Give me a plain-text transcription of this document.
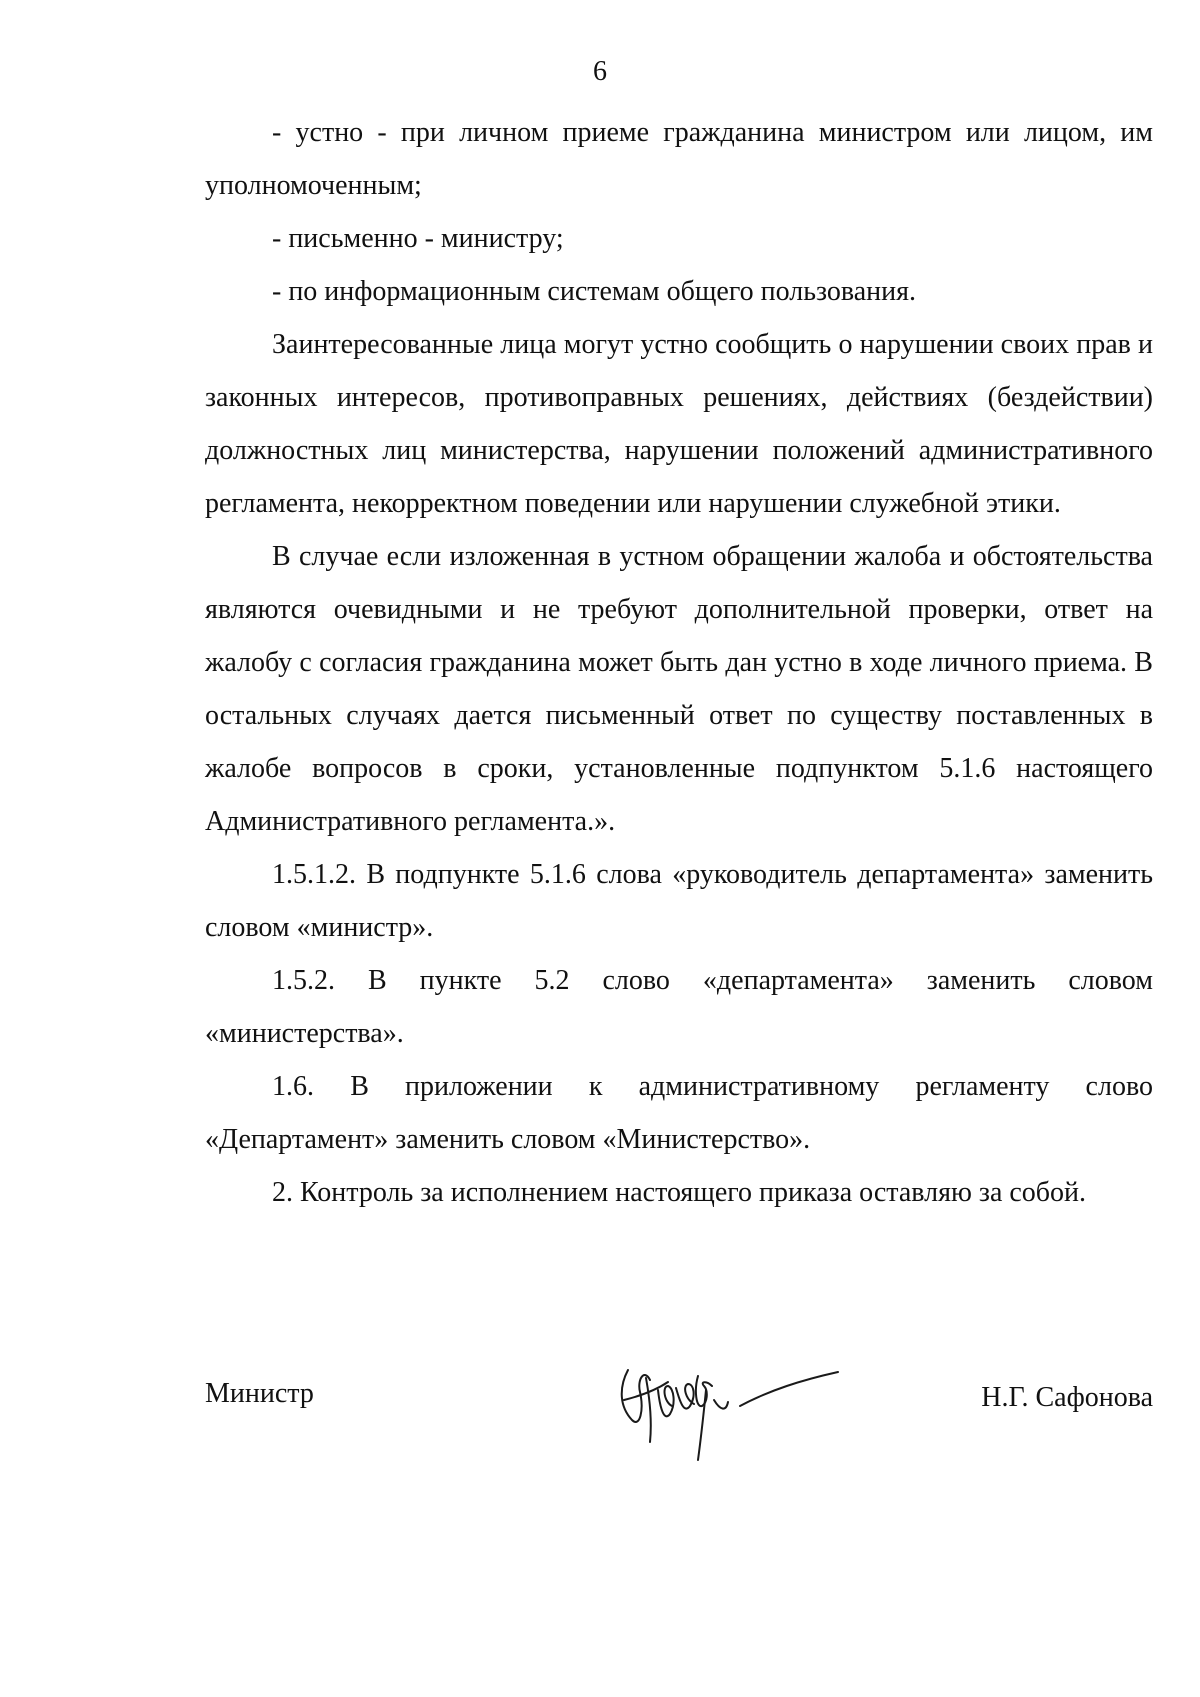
6

- устно - при личном приеме гражданина министром или лицом, им уполномоченным;

- письменно - министру;

- по информационным системам общего пользования.

Заинтересованные лица могут устно сообщить о нарушении своих прав и законных интересов, противоправных решениях, действиях (бездействии) должностных лиц министерства, нарушении положений административного регламента, некорректном поведении или нарушении служебной этики.

В случае если изложенная в устном обращении жалоба и обстоятельства являются очевидными и не требуют дополнительной проверки, ответ на жалобу с согласия гражданина может быть дан устно в ходе личного приема. В остальных случаях дается письменный ответ по существу поставленных в жалобе вопросов в сроки, установленные подпунктом 5.1.6 настоящего Административного регламента.».

1.5.1.2. В подпункте 5.1.6 слова «руководитель департамента» заменить словом «министр».

1.5.2. В пункте 5.2 слово «департамента» заменить словом «министерства».

1.6. В приложении к административному регламенту слово «Департамент» заменить словом «Министерство».

2. Контроль за исполнением настоящего приказа оставляю за собой.

Министр	Н.Г. Сафонова
